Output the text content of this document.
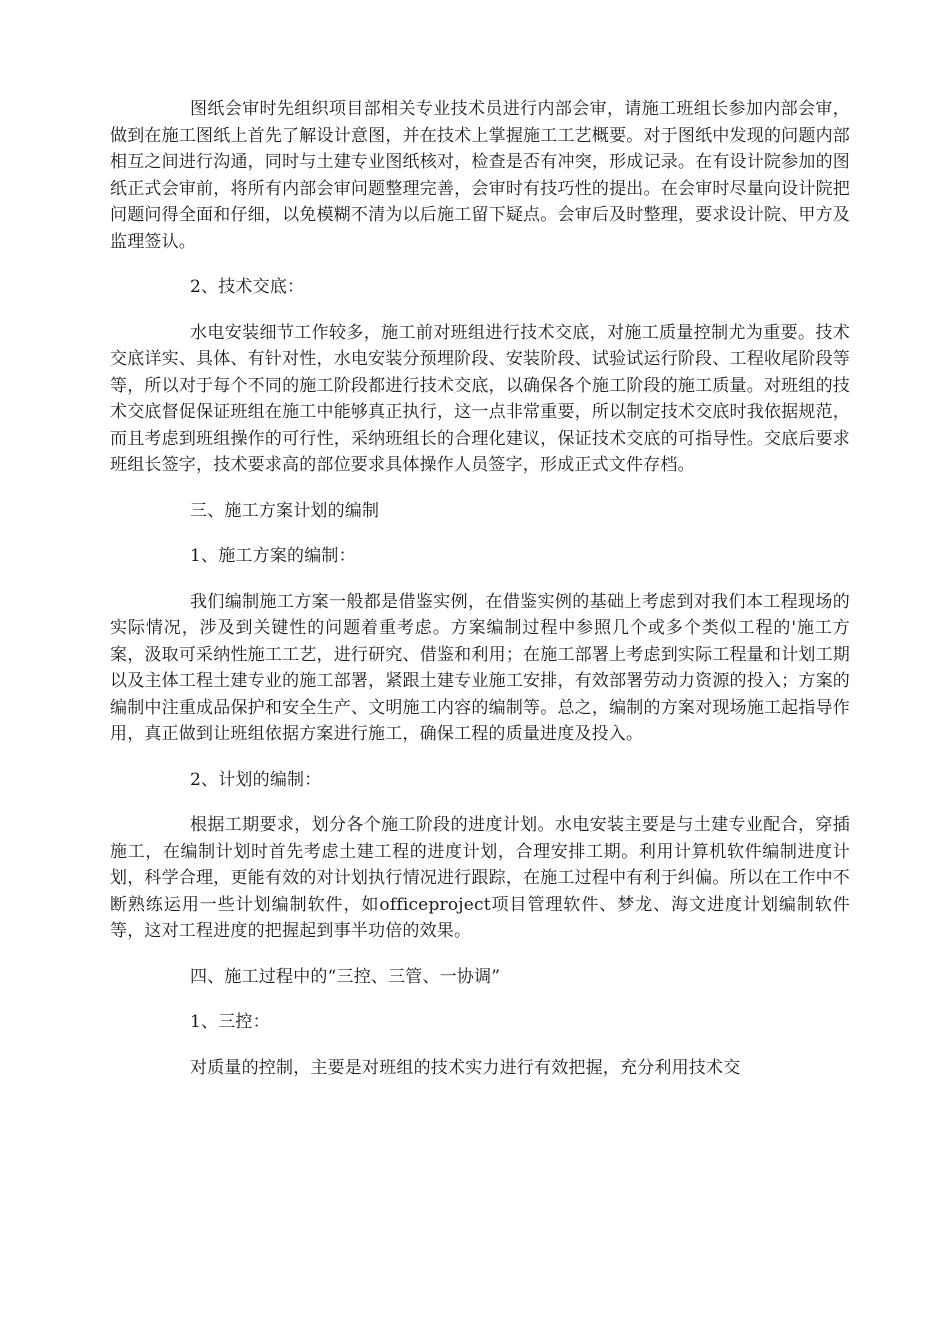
图纸会审时先组织项目部相关专业技术员进行内部会审，请施工班组长参加内部会审，做到在施工图纸上首先了解设计意图，并在技术上掌握施工工艺概要。对于图纸中发现的问题内部相互之间进行沟通，同时与土建专业图纸核对，检查是否有冲突，形成记录。在有设计院参加的图纸正式会审前，将所有内部会审问题整理完善，会审时有技巧性的提出。在会审时尽量向设计院把问题问得全面和仔细，以免模糊不清为以后施工留下疑点。会审后及时整理，要求设计院、甲方及监理签认。

2、技术交底：

水电安装细节工作较多，施工前对班组进行技术交底，对施工质量控制尤为重要。技术交底详实、具体、有针对性，水电安装分预埋阶段、安装阶段、试验试运行阶段、工程收尾阶段等等，所以对于每个不同的施工阶段都进行技术交底，以确保各个施工阶段的施工质量。对班组的技术交底督促保证班组在施工中能够真正执行，这一点非常重要，所以制定技术交底时我依据规范，而且考虑到班组操作的可行性，采纳班组长的合理化建议，保证技术交底的可指导性。交底后要求班组长签字，技术要求高的部位要求具体操作人员签字，形成正式文件存档。

三、施工方案计划的编制

1、施工方案的编制：

我们编制施工方案一般都是借鉴实例，在借鉴实例的基础上考虑到对我们本工程现场的实际情况，涉及到关键性的问题着重考虑。方案编制过程中参照几个或多个类似工程的'施工方案，汲取可采纳性施工工艺，进行研究、借鉴和利用；在施工部署上考虑到实际工程量和计划工期以及主体工程土建专业的施工部署，紧跟土建专业施工安排，有效部署劳动力资源的投入；方案的编制中注重成品保护和安全生产、文明施工内容的编制等。总之，编制的方案对现场施工起指导作用，真正做到让班组依据方案进行施工，确保工程的质量进度及投入。

2、计划的编制：

根据工期要求，划分各个施工阶段的进度计划。水电安装主要是与土建专业配合，穿插施工，在编制计划时首先考虑土建工程的进度计划，合理安排工期。利用计算机软件编制进度计划，科学合理，更能有效的对计划执行情况进行跟踪，在施工过程中有利于纠偏。所以在工作中不断熟练运用一些计划编制软件，如officeproject项目管理软件、梦龙、海文进度计划编制软件等，这对工程进度的把握起到事半功倍的效果。

四、施工过程中的“三控、三管、一协调”

1、三控：

对质量的控制，主要是对班组的技术实力进行有效把握，充分利用技术交
